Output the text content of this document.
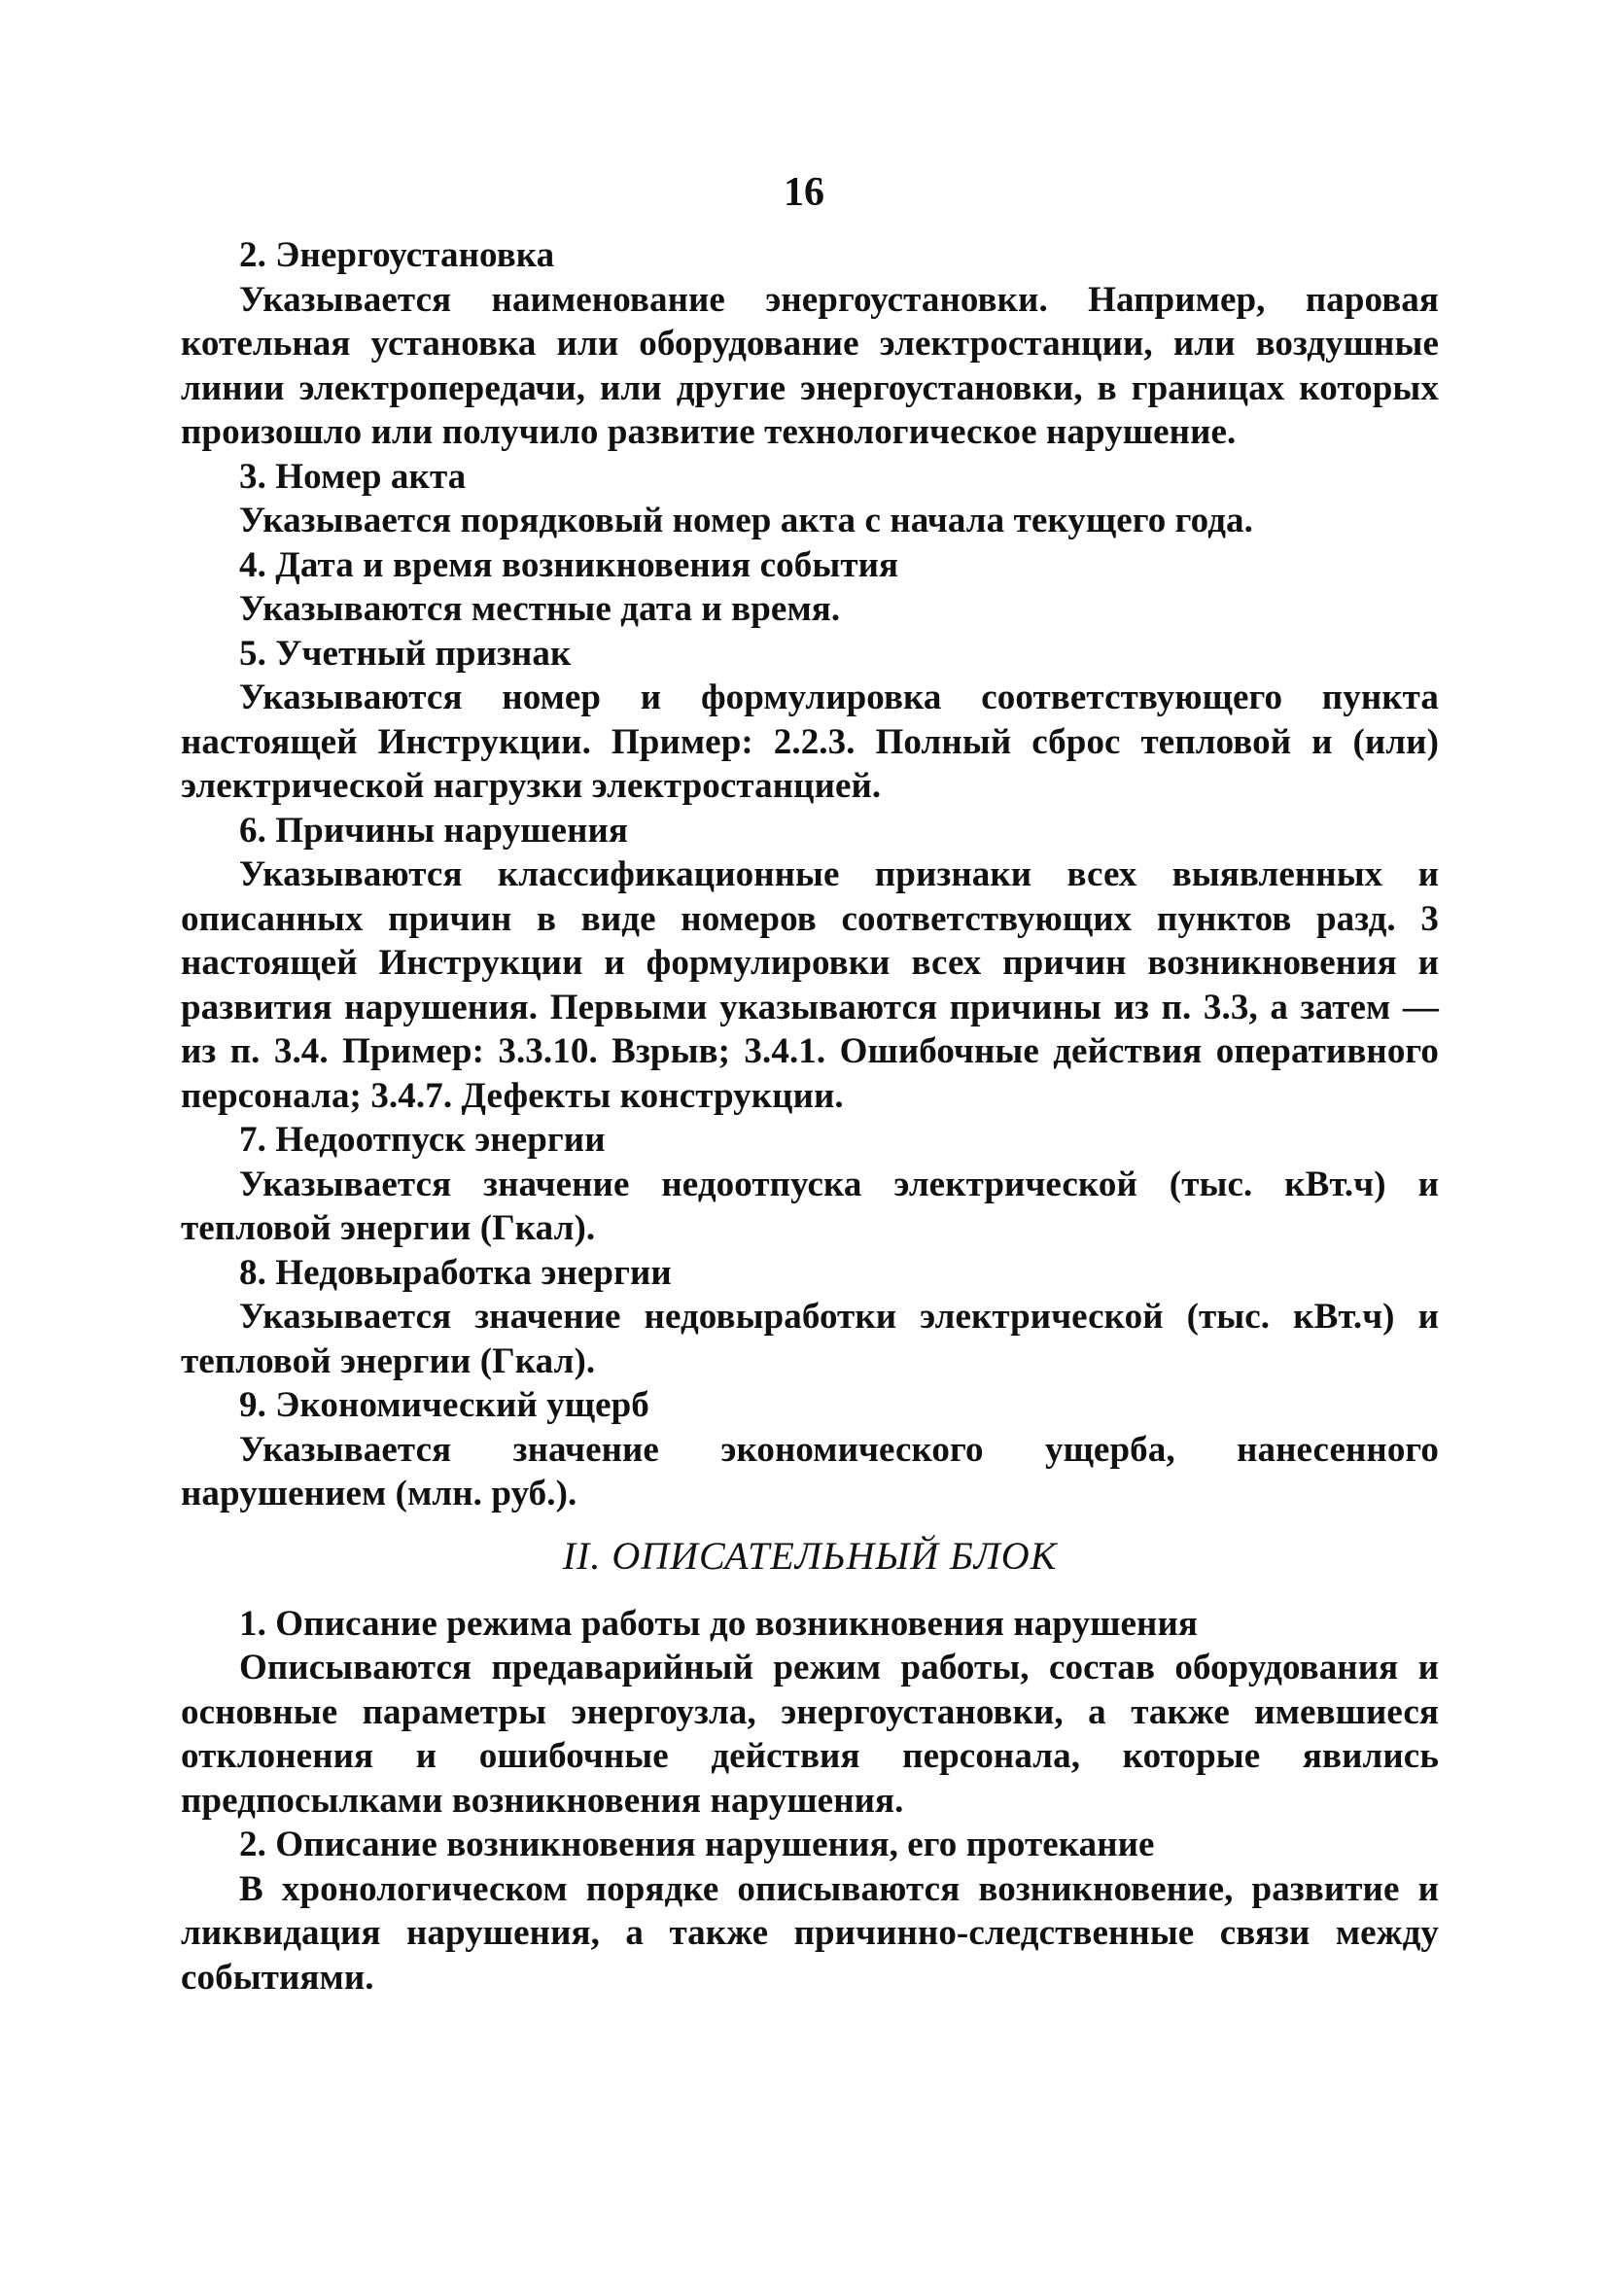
16

2. Энергоустановка

Указывается наименование энергоустановки. Например, паровая котельная установка или оборудование электростанции, или воздушные линии электропередачи, или другие энергоустановки, в границах которых произошло или получило развитие технологическое нарушение.

3. Номер акта

Указывается порядковый номер акта с начала текущего года.

4. Дата и время возникновения события

Указываются местные дата и время.

5. Учетный признак

Указываются номер и формулировка соответствующего пункта настоящей Инструкции. Пример: 2.2.3. Полный сброс тепловой и (или) электрической нагрузки электростанцией.

6. Причины нарушения

Указываются классификационные признаки всех выявленных и описанных причин в виде номеров соответствующих пунктов разд. 3 настоящей Инструкции и формулировки всех причин возникновения и развития нарушения. Первыми указываются причины из п. 3.3, а затем — из п. 3.4. Пример: 3.3.10. Взрыв; 3.4.1. Ошибочные действия оперативного персонала; 3.4.7. Дефекты конструкции.

7. Недоотпуск энергии

Указывается значение недоотпуска электрической (тыс. кВт.ч) и тепловой энергии (Гкал).

8. Недовыработка энергии

Указывается значение недовыработки электрической (тыс. кВт.ч) и тепловой энергии (Гкал).

9. Экономический ущерб

Указывается значение экономического ущерба, нанесенного нарушением (млн. руб.).

II. ОПИСАТЕЛЬНЫЙ БЛОК

1. Описание режима работы до возникновения нарушения

Описываются предаварийный режим работы, состав оборудования и основные параметры энергоузла, энергоустановки, а также имевшиеся отклонения и ошибочные действия персонала, которые явились предпосылками возникновения нарушения.

2. Описание возникновения нарушения, его протекание

В хронологическом порядке описываются возникновение, развитие и ликвидация нарушения, а также причинно-следственные связи между событиями.
